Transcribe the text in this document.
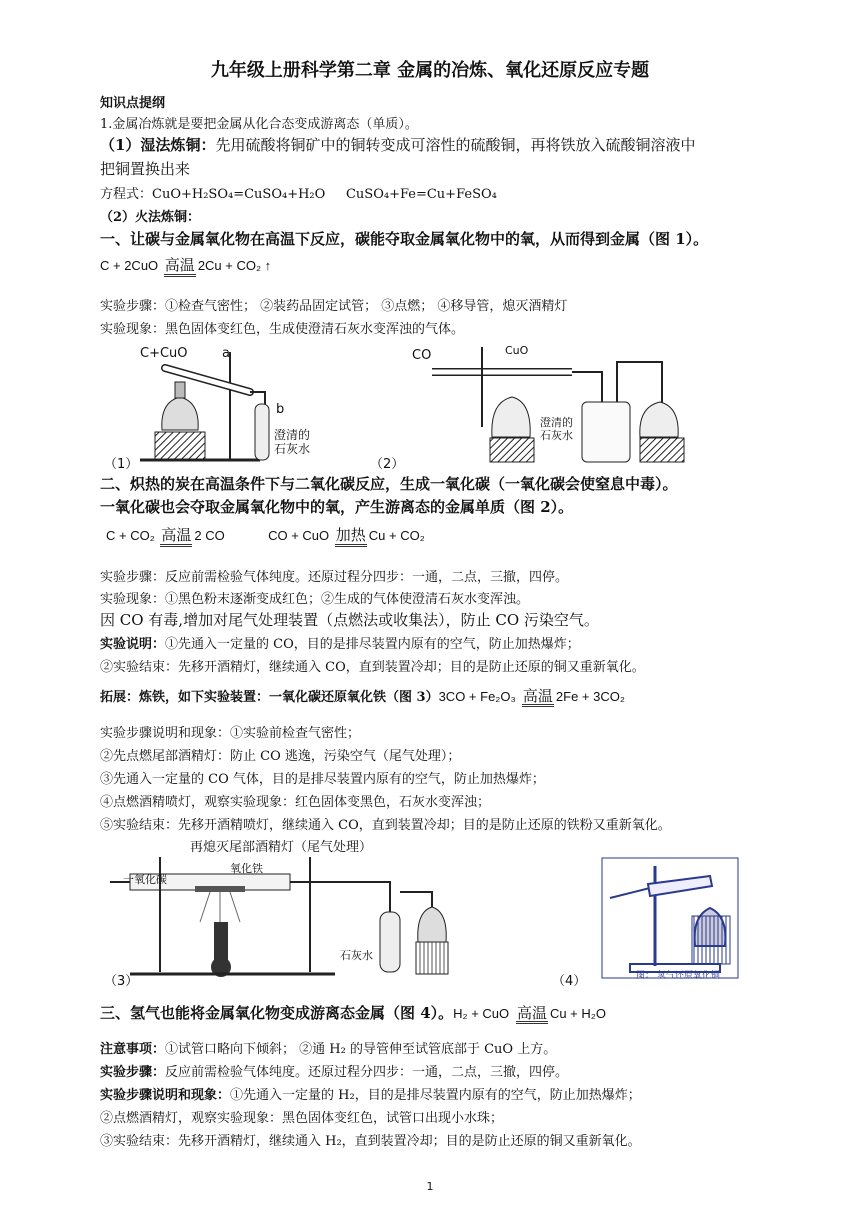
九年级上册科学第二章 金属的冶炼、氧化还原反应专题
知识点提纲
1.金属冶炼就是要把金属从化合态变成游离态（单质）。
（1）湿法炼铜：先用硫酸将铜矿中的铜转变成可溶性的硫酸铜，再将铁放入硫酸铜溶液中
把铜置换出来
方程式：CuO+H₂SO₄=CuSO₄+H₂O CuSO₄+Fe=Cu+FeSO₄
（2）火法炼铜：
一、让碳与金属氧化物在高温下反应，碳能夺取金属氧化物中的氧，从而得到金属（图 1）。
C + 2CuO 高温 2Cu + CO₂ ↑
实验步骤：①检查气密性； ②装药品固定试管； ③点燃； ④移导管，熄灭酒精灯
实验现象：黑色固体变红色，生成使澄清石灰水变浑浊的气体。
C+CuO	a
b
澄清的
石灰水
（1）
CO	CuO
澄清的
石灰水
（2）
二、炽热的炭在高温条件下与二氧化碳反应，生成一氧化碳（一氧化碳会使窒息中毒）。
一氧化碳也会夺取金属氧化物中的氧，产生游离态的金属单质（图 2）。
C + CO₂ 高温 2 CO	CO + CuO 加热 Cu + CO₂
实验步骤：反应前需检验气体纯度。还原过程分四步：一通，二点，三撤，四停。
实验现象：①黑色粉末逐渐变成红色；②生成的气体使澄清石灰水变浑浊。
因 CO 有毒,增加对尾气处理装置（点燃法或收集法），防止 CO 污染空气。
实验说明：①先通入一定量的 CO，目的是排尽装置内原有的空气，防止加热爆炸；
②实验结束：先移开酒精灯，继续通入 CO，直到装置冷却；目的是防止还原的铜又重新氧化。
拓展：炼铁，如下实验装置：一氧化碳还原氧化铁（图 3）3CO + Fe₂O₃ 高温 2Fe + 3CO₂
实验步骤说明和现象：①实验前检查气密性；
②先点燃尾部酒精灯：防止 CO 逃逸，污染空气（尾气处理）；
③先通入一定量的 CO 气体，目的是排尽装置内原有的空气，防止加热爆炸；
④点燃酒精喷灯，观察实验现象：红色固体变黑色，石灰水变浑浊；
⑤实验结束：先移开酒精喷灯，继续通入 CO，直到装置冷却；目的是防止还原的铁粉又重新氧化。
再熄灭尾部酒精灯（尾气处理）
一氧化碳
氧化铁
石灰水
（3）	图： 氢气还原氧化铜
（4）
三、氢气也能将金属氧化物变成游离态金属（图 4）。H₂ + CuO 高温 Cu + H₂O
注意事项：①试管口略向下倾斜； ②通 H₂ 的导管伸至试管底部于 CuO 上方。
实验步骤：反应前需检验气体纯度。还原过程分四步：一通，二点，三撤，四停。
实验步骤说明和现象：①先通入一定量的 H₂，目的是排尽装置内原有的空气，防止加热爆炸；
②点燃酒精灯，观察实验现象：黑色固体变红色，试管口出现小水珠；
③实验结束：先移开酒精灯，继续通入 H₂，直到装置冷却；目的是防止还原的铜又重新氧化。
1
